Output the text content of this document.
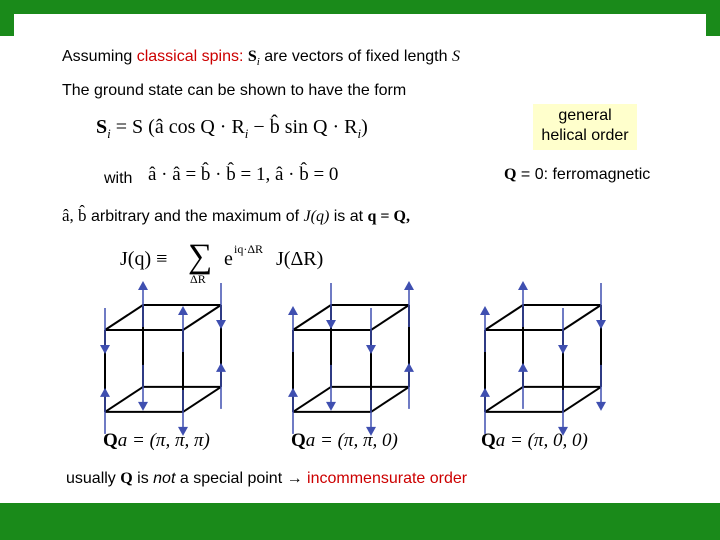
Assuming classical spins: $S_i$ are vectors of fixed length S
The ground state can be shown to have the form
general
helical order
$S_i = S$ (â $\cos Q \cdot R_i$ − b̂ $\sin Q \cdot R_i$)
with â · â = b̂ · b̂ = 1, â · b̂ = 0	Q = 0: ferromagnetic
â, b̂ arbitrary and the maximum of J(q) is at q = Q,
J(q) ≡ ∑
ΔR
e iq·ΔR J(ΔR)
Qa = (π, π, π)	Qa = (π, π, 0)	Qa = (π, 0, 0)
usually Q is not a special point → incommensurate order
